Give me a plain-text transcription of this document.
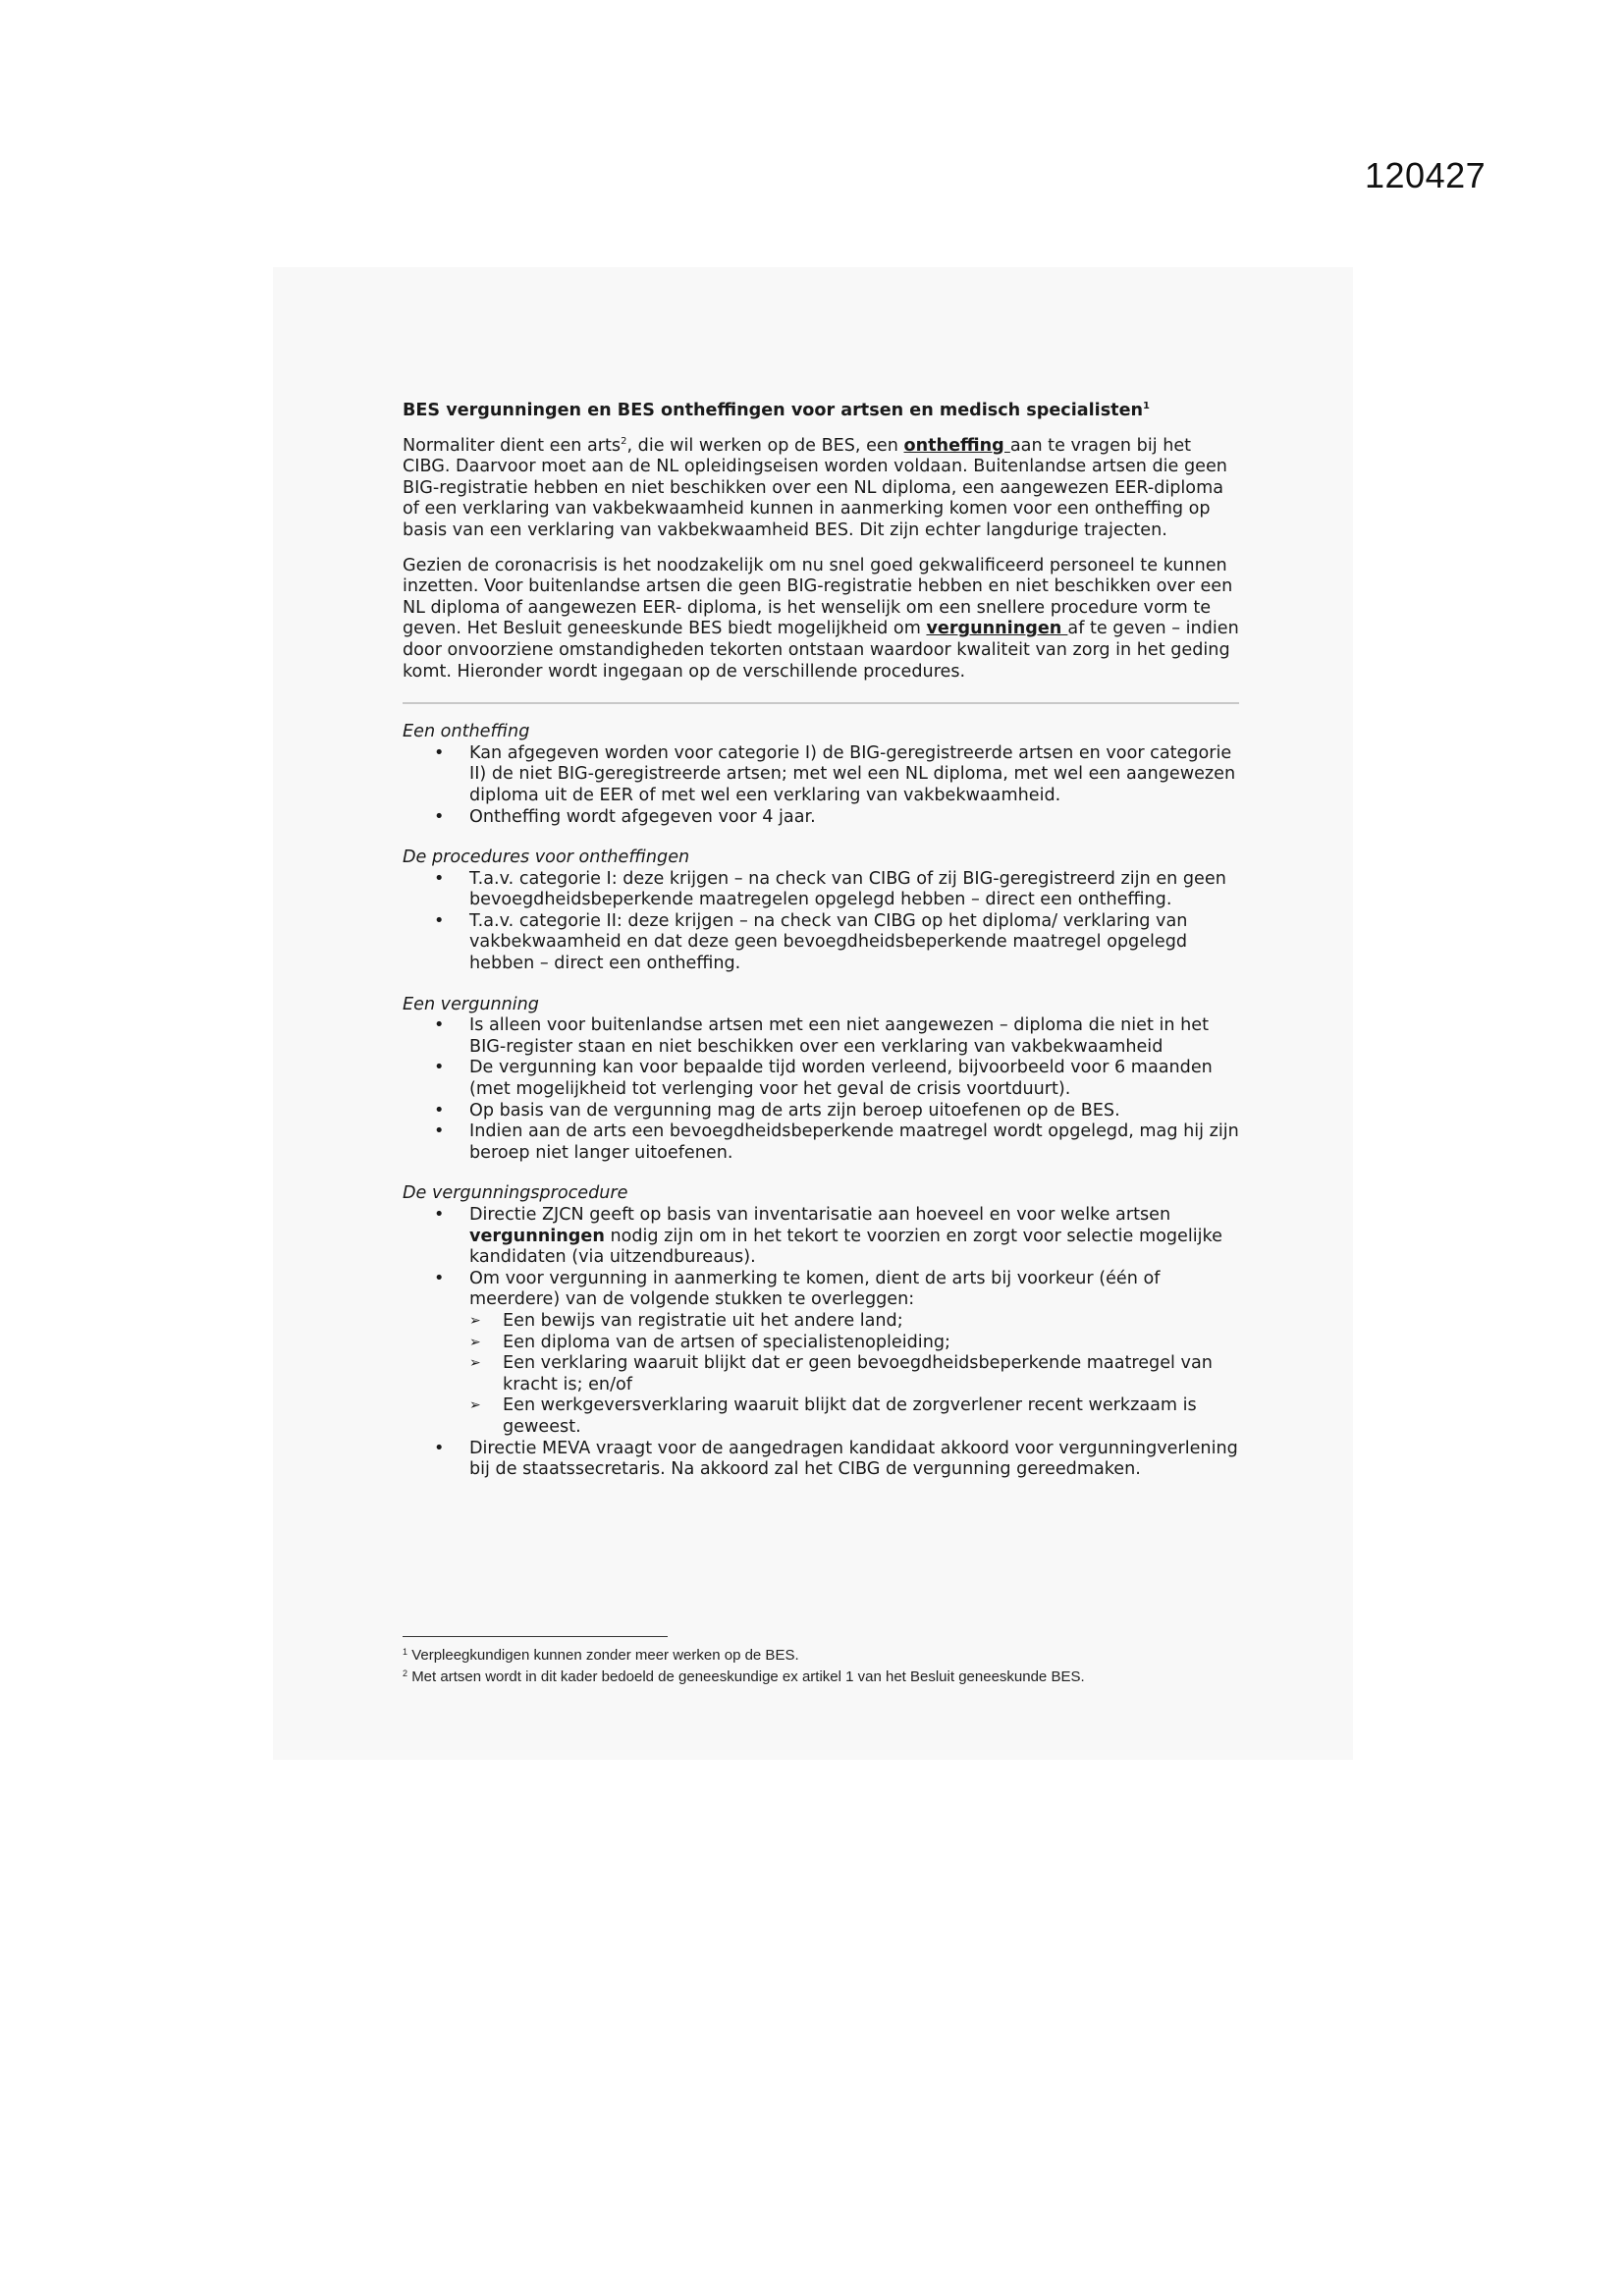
120427
BES vergunningen en BES ontheffingen voor artsen en medisch specialisten$^1$

Normaliter dient een arts$^2$, die wil werken op de BES, een ontheffing aan te vragen bij het CIBG. Daarvoor moet aan de NL opleidingseisen worden voldaan. Buitenlandse artsen die geen BIG-registratie hebben en niet beschikken over een NL diploma, een aangewezen EER-diploma of een verklaring van vakbekwaamheid kunnen in aanmerking komen voor een ontheffing op basis van een verklaring van vakbekwaamheid BES. Dit zijn echter langdurige trajecten.

Gezien de coronacrisis is het noodzakelijk om nu snel goed gekwalificeerd personeel te kunnen inzetten. Voor buitenlandse artsen die geen BIG-registratie hebben en niet beschikken over een NL diploma of aangewezen EER- diploma, is het wenselijk om een snellere procedure vorm te geven. Het Besluit geneeskunde BES biedt mogelijkheid om vergunningen af te geven – indien door onvoorziene omstandigheden tekorten ontstaan waardoor kwaliteit van zorg in het geding komt. Hieronder wordt ingegaan op de verschillende procedures.

Een ontheffing
• Kan afgegeven worden voor categorie I) de BIG-geregistreerde artsen en voor categorie II) de niet BIG-geregistreerde artsen; met wel een NL diploma, met wel een aangewezen diploma uit de EER of met wel een verklaring van vakbekwaamheid.
• Ontheffing wordt afgegeven voor 4 jaar.
De procedures voor ontheffingen
• T.a.v. categorie I: deze krijgen – na check van CIBG of zij BIG-geregistreerd zijn en geen bevoegdheidsbeperkende maatregelen opgelegd hebben – direct een ontheffing.
• T.a.v. categorie II: deze krijgen – na check van CIBG op het diploma/ verklaring van vakbekwaamheid en dat deze geen bevoegdheidsbeperkende maatregel opgelegd hebben – direct een ontheffing.
Een vergunning
• Is alleen voor buitenlandse artsen met een niet aangewezen – diploma die niet in het BIG-register staan en niet beschikken over een verklaring van vakbekwaamheid
• De vergunning kan voor bepaalde tijd worden verleend, bijvoorbeeld voor 6 maanden (met mogelijkheid tot verlenging voor het geval de crisis voortduurt).
• Op basis van de vergunning mag de arts zijn beroep uitoefenen op de BES.
• Indien aan de arts een bevoegdheidsbeperkende maatregel wordt opgelegd, mag hij zijn beroep niet langer uitoefenen.
De vergunningsprocedure
• Directie ZJCN geeft op basis van inventarisatie aan hoeveel en voor welke artsen vergunningen nodig zijn om in het tekort te voorzien en zorgt voor selectie mogelijke kandidaten (via uitzendbureaus).
• Om voor vergunning in aanmerking te komen, dient de arts bij voorkeur (één of meerdere) van de volgende stukken te overleggen:
➢ Een bewijs van registratie uit het andere land;
➢ Een diploma van de artsen of specialistenopleiding;
➢ Een verklaring waaruit blijkt dat er geen bevoegdheidsbeperkende maatregel van kracht is; en/of
➢ Een werkgeversverklaring waaruit blijkt dat de zorgverlener recent werkzaam is geweest.
• Directie MEVA vraagt voor de aangedragen kandidaat akkoord voor vergunningverlening bij de staatssecretaris. Na akkoord zal het CIBG de vergunning gereedmaken.
$^1$ Verpleegkundigen kunnen zonder meer werken op de BES.
$^2$ Met artsen wordt in dit kader bedoeld de geneeskundige ex artikel 1 van het Besluit geneeskunde BES.
